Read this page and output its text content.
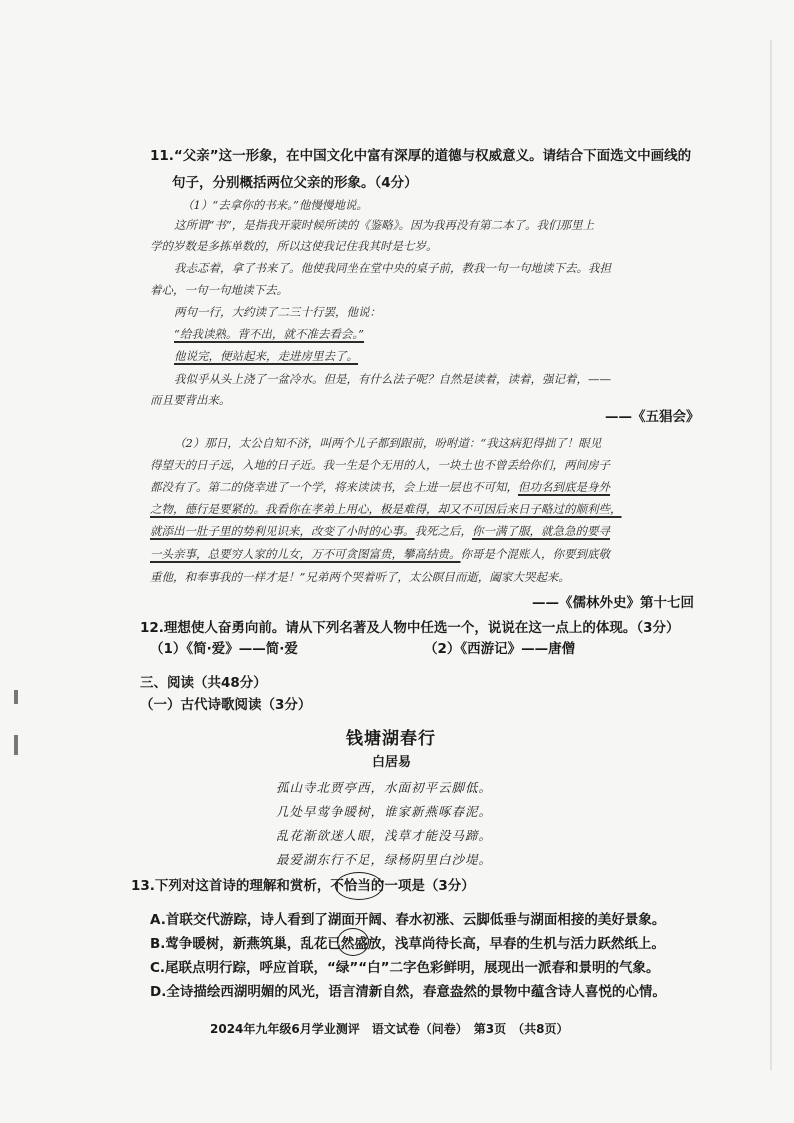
11.“父亲”这一形象，在中国文化中富有深厚的道德与权威意义。请结合下面选文中画线的
句子，分别概括两位父亲的形象。（4分）
（1）“去拿你的书来。”他慢慢地说。
这所谓“书”，是指我开蒙时候所读的《鉴略》。因为我再没有第二本了。我们那里上
学的岁数是多拣单数的，所以这使我记住我其时是七岁。
我忐忑着，拿了书来了。他使我同坐在堂中央的桌子前，教我一句一句地读下去。我担
着心，一句一句地读下去。
两句一行，大约读了二三十行罢，他说：
“给我读熟。背不出，就不准去看会。”
他说完，便站起来，走进房里去了。
我似乎从头上浇了一盆冷水。但是，有什么法子呢？自然是读着，读着，强记着，——
而且要背出来。
——《五猖会》
（2）那日，太公自知不济，叫两个儿子都到跟前，吩咐道：“我这病犯得拙了！眼见
得望天的日子远，入地的日子近。我一生是个无用的人，一块土也不曾丢给你们，两间房子
都没有了。第二的侥幸进了一个学，将来读读书，会上进一层也不可知，但功名到底是身外
之物，德行是要紧的。我看你在孝弟上用心，极是难得，却又不可因后来日子略过的顺利些，
就添出一肚子里的势利见识来，改变了小时的心事。我死之后，你一满了服，就急急的要寻
一头亲事，总要穷人家的儿女，万不可贪图富贵，攀高结贵。你哥是个混账人，你要到底敬
重他，和奉事我的一样才是！”兄弟两个哭着听了，太公瞑目而逝，阖家大哭起来。
——《儒林外史》第十七回
12.理想使人奋勇向前。请从下列名著及人物中任选一个，说说在这一点上的体现。（3分）
（1）《简·爱》——简·爱	（2）《西游记》——唐僧
三、阅读（共48分）
（一）古代诗歌阅读（3分）
钱塘湖春行
白居易
孤山寺北贾亭西，水面初平云脚低。
几处早莺争暖树，谁家新燕啄春泥。
乱花渐欲迷人眼，浅草才能没马蹄。
最爱湖东行不足，绿杨阴里白沙堤。
13.下列对这首诗的理解和赏析，不恰当的一项是（3分）
A.首联交代游踪，诗人看到了湖面开阔、春水初涨、云脚低垂与湖面相接的美好景象。
B.莺争暖树，新燕筑巢，乱花已然盛放，浅草尚待长高，早春的生机与活力跃然纸上。
C.尾联点明行踪，呼应首联，“绿”“白”二字色彩鲜明，展现出一派春和景明的气象。
D.全诗描绘西湖明媚的风光，语言清新自然，春意盎然的景物中蕴含诗人喜悦的心情。
2024年九年级6月学业测评　语文试卷（问卷）　第3页　（共8页）
